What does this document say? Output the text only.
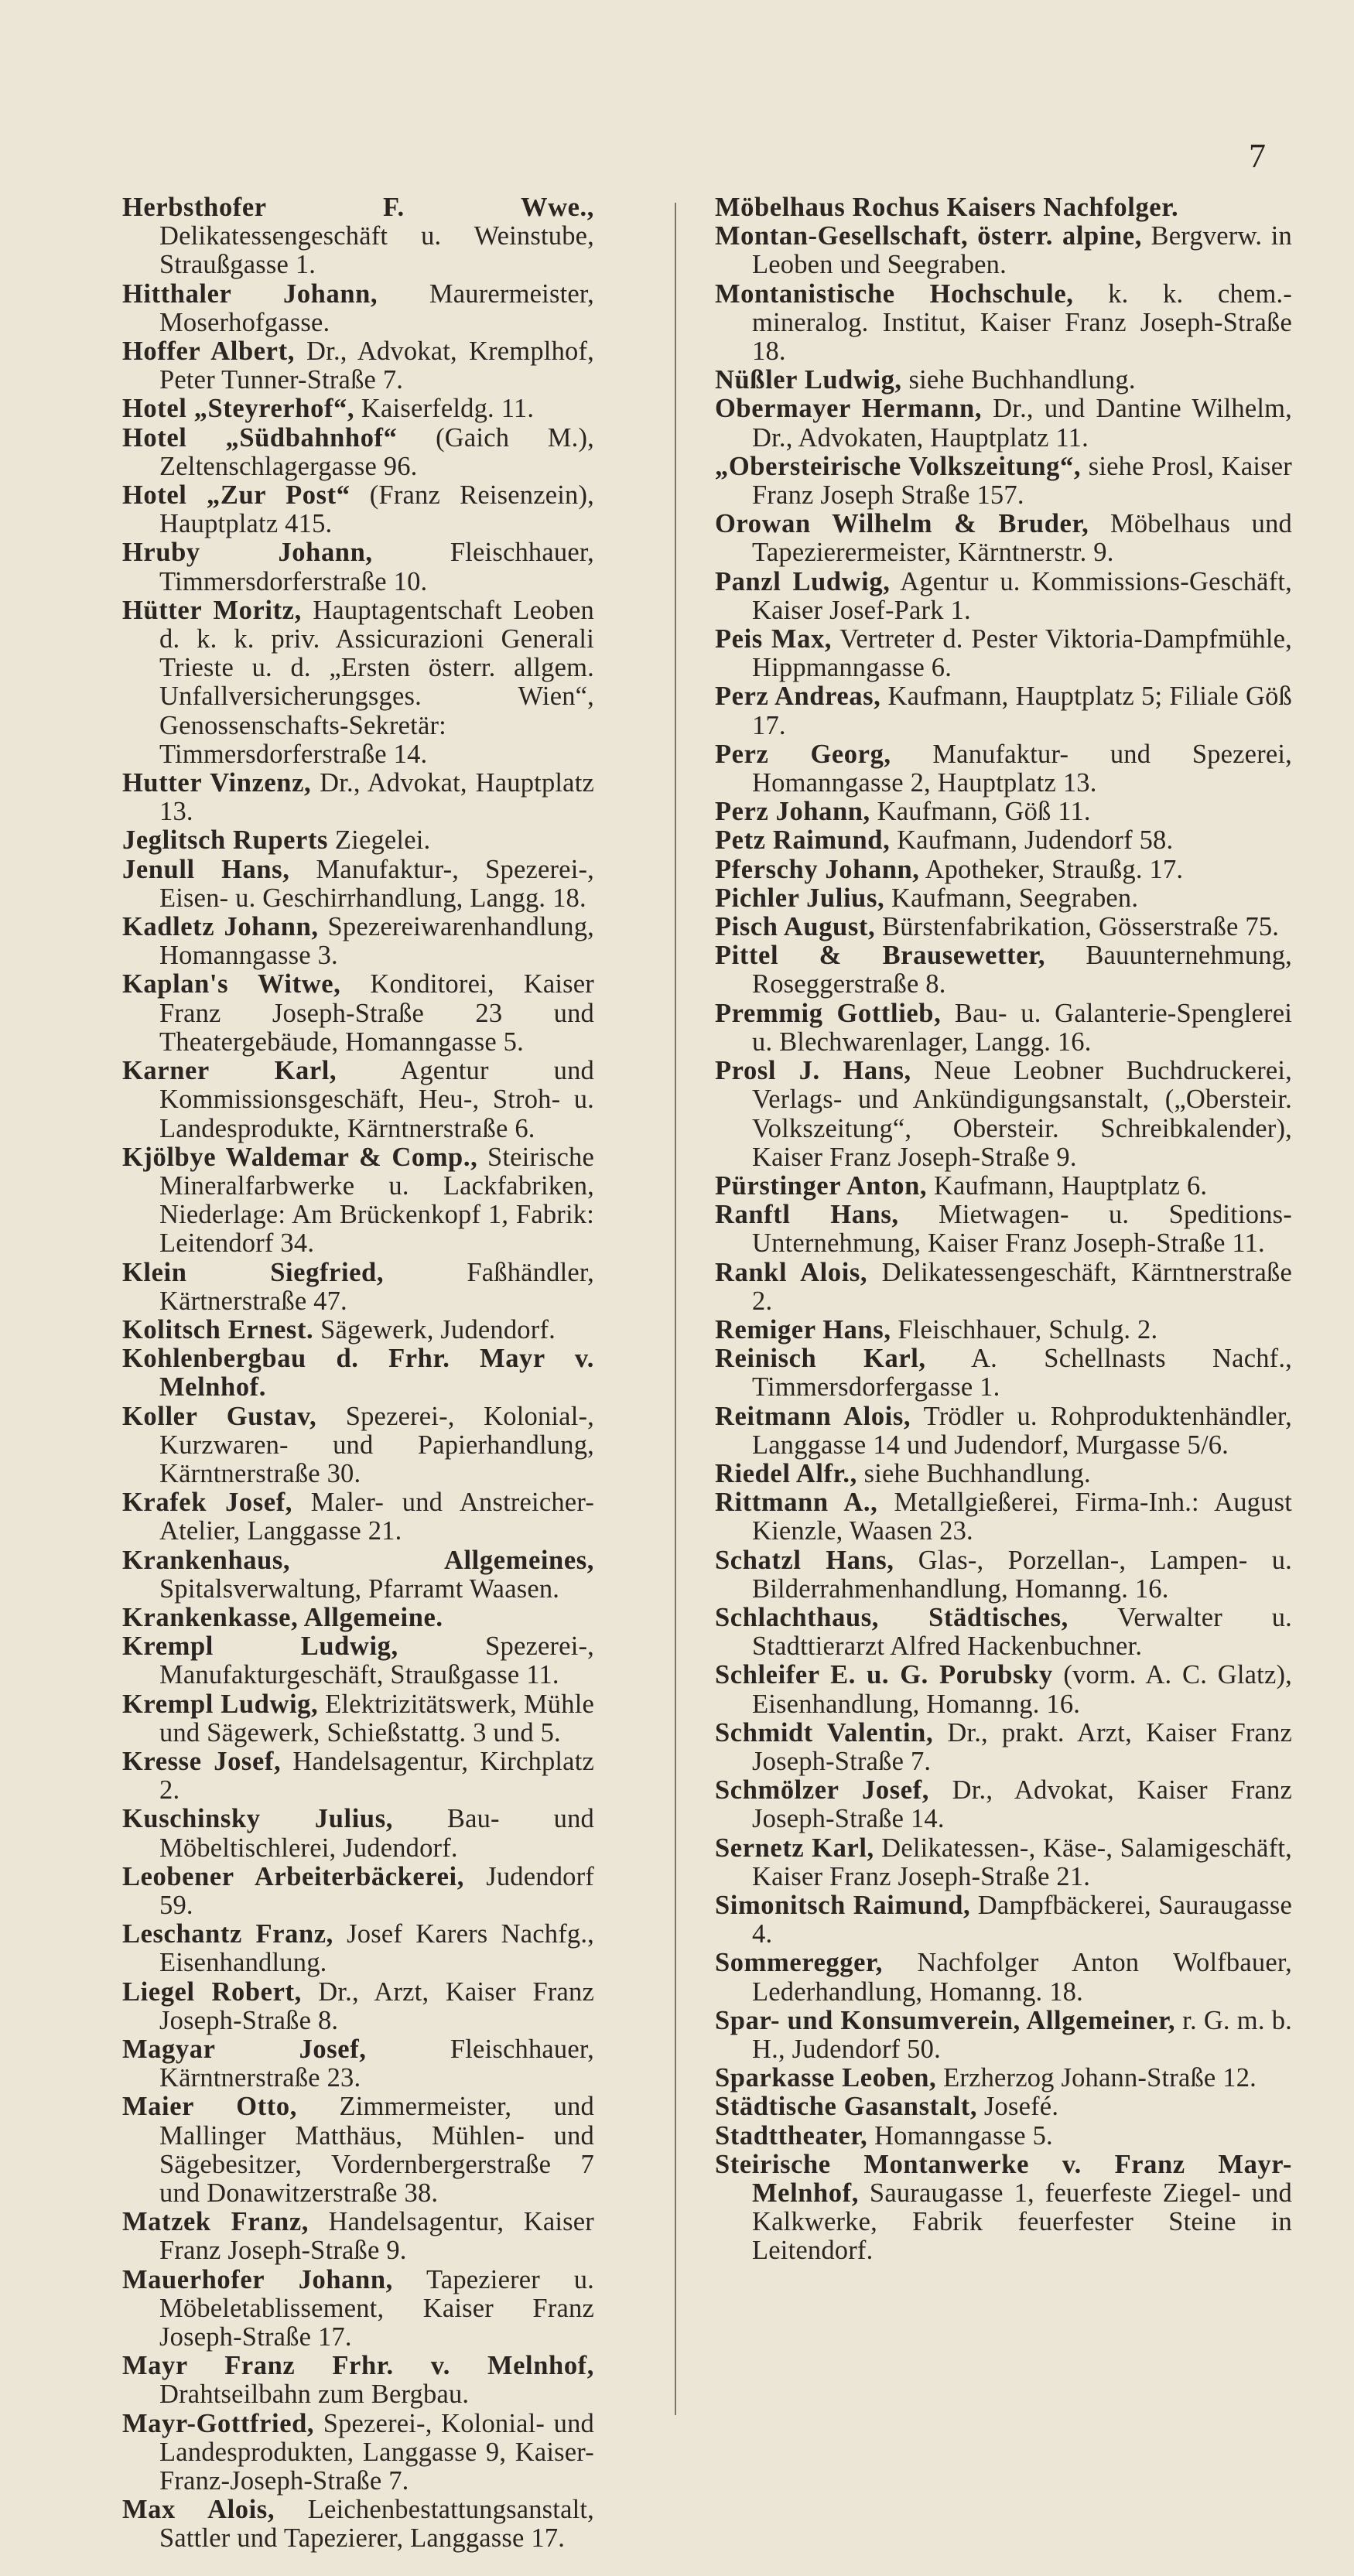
7

Herbsthofer F. Wwe., Delikatessengeschäft u. Weinstube, Straußgasse 1.

Hitthaler Johann, Maurermeister, Moserhofgasse.

Hoffer Albert, Dr., Advokat, Kremplhof, Peter Tunner-Straße 7.

Hotel „Steyrerhof“, Kaiserfeldg. 11.

Hotel „Südbahnhof“ (Gaich M.), Zeltenschlagergasse 96.

Hotel „Zur Post“ (Franz Reisenzein), Hauptplatz 415.

Hruby Johann, Fleischhauer, Timmersdorferstraße 10.

Hütter Moritz, Hauptagentschaft Leoben d. k. k. priv. Assicurazioni Generali Trieste u. d. „Ersten österr. allgem. Unfallversicherungsges. Wien“, Genossenschafts-Sekretär: Timmersdorferstraße 14.

Hutter Vinzenz, Dr., Advokat, Hauptplatz 13.

Jeglitsch Ruperts Ziegelei.

Jenull Hans, Manufaktur-, Spezerei-, Eisen- u. Geschirrhandlung, Langg. 18.

Kadletz Johann, Spezereiwarenhandlung, Homanngasse 3.

Kaplan's Witwe, Konditorei, Kaiser Franz Joseph-Straße 23 und Theatergebäude, Homanngasse 5.

Karner Karl, Agentur und Kommissionsgeschäft, Heu-, Stroh- u. Landesprodukte, Kärntnerstraße 6.

Kjölbye Waldemar & Comp., Steirische Mineralfarbwerke u. Lackfabriken, Niederlage: Am Brückenkopf 1, Fabrik: Leitendorf 34.

Klein Siegfried, Faßhändler, Kärtnerstraße 47.

Kolitsch Ernest. Sägewerk, Judendorf.

Kohlenbergbau d. Frhr. Mayr v. Melnhof.

Koller Gustav, Spezerei-, Kolonial-, Kurzwaren- und Papierhandlung, Kärntnerstraße 30.

Krafek Josef, Maler- und Anstreicher-Atelier, Langgasse 21.

Krankenhaus, Allgemeines, Spitalsverwaltung, Pfarramt Waasen.

Krankenkasse, Allgemeine.

Krempl Ludwig, Spezerei-, Manufakturgeschäft, Straußgasse 11.

Krempl Ludwig, Elektrizitätswerk, Mühle und Sägewerk, Schießstattg. 3 und 5.

Kresse Josef, Handelsagentur, Kirchplatz 2.

Kuschinsky Julius, Bau- und Möbeltischlerei, Judendorf.

Leobener Arbeiterbäckerei, Judendorf 59.

Leschantz Franz, Josef Karers Nachfg., Eisenhandlung.

Liegel Robert, Dr., Arzt, Kaiser Franz Joseph-Straße 8.

Magyar Josef, Fleischhauer, Kärntnerstraße 23.

Maier Otto, Zimmermeister, und Mallinger Matthäus, Mühlen- und Sägebesitzer, Vordernbergerstraße 7 und Donawitzerstraße 38.

Matzek Franz, Handelsagentur, Kaiser Franz Joseph-Straße 9.

Mauerhofer Johann, Tapezierer u. Möbeletablissement, Kaiser Franz Joseph-Straße 17.

Mayr Franz Frhr. v. Melnhof, Drahtseilbahn zum Bergbau.

Mayr-Gottfried, Spezerei-, Kolonial- und Landesprodukten, Langgasse 9, Kaiser-Franz-Joseph-Straße 7.

Max Alois, Leichenbestattungsanstalt, Sattler und Tapezierer, Langgasse 17.

Möbelhaus Rochus Kaisers Nachfolger.

Montan-Gesellschaft, österr. alpine, Bergverw. in Leoben und Seegraben.

Montanistische Hochschule, k. k. chem.-mineralog. Institut, Kaiser Franz Joseph-Straße 18.

Nüßler Ludwig, siehe Buchhandlung.

Obermayer Hermann, Dr., und Dantine Wilhelm, Dr., Advokaten, Hauptplatz 11.

„Obersteirische Volkszeitung“, siehe Prosl, Kaiser Franz Joseph Straße 157.

Orowan Wilhelm & Bruder, Möbelhaus und Tapezierermeister, Kärntnerstr. 9.

Panzl Ludwig, Agentur u. Kommissions-Geschäft, Kaiser Josef-Park 1.

Peis Max, Vertreter d. Pester Viktoria-Dampfmühle, Hippmanngasse 6.

Perz Andreas, Kaufmann, Hauptplatz 5; Filiale Göß 17.

Perz Georg, Manufaktur- und Spezerei, Homanngasse 2, Hauptplatz 13.

Perz Johann, Kaufmann, Göß 11.

Petz Raimund, Kaufmann, Judendorf 58.

Pferschy Johann, Apotheker, Straußg. 17.

Pichler Julius, Kaufmann, Seegraben.

Pisch August, Bürstenfabrikation, Gösserstraße 75.

Pittel & Brausewetter, Bauunternehmung, Roseggerstraße 8.

Premmig Gottlieb, Bau- u. Galanterie-Spenglerei u. Blechwarenlager, Langg. 16.

Prosl J. Hans, Neue Leobner Buchdruckerei, Verlags- und Ankündigungsanstalt, („Obersteir. Volkszeitung“, Obersteir. Schreibkalender), Kaiser Franz Joseph-Straße 9.

Pürstinger Anton, Kaufmann, Hauptplatz 6.

Ranftl Hans, Mietwagen- u. Speditions-Unternehmung, Kaiser Franz Joseph-Straße 11.

Rankl Alois, Delikatessengeschäft, Kärntnerstraße 2.

Remiger Hans, Fleischhauer, Schulg. 2.

Reinisch Karl, A. Schellnasts Nachf., Timmersdorfergasse 1.

Reitmann Alois, Trödler u. Rohproduktenhändler, Langgasse 14 und Judendorf, Murgasse 5/6.

Riedel Alfr., siehe Buchhandlung.

Rittmann A., Metallgießerei, Firma-Inh.: August Kienzle, Waasen 23.

Schatzl Hans, Glas-, Porzellan-, Lampen- u. Bilderrahmenhandlung, Homanng. 16.

Schlachthaus, Städtisches, Verwalter u. Stadttierarzt Alfred Hackenbuchner.

Schleifer E. u. G. Porubsky (vorm. A. C. Glatz), Eisenhandlung, Homanng. 16.

Schmidt Valentin, Dr., prakt. Arzt, Kaiser Franz Joseph-Straße 7.

Schmölzer Josef, Dr., Advokat, Kaiser Franz Joseph-Straße 14.

Sernetz Karl, Delikatessen-, Käse-, Salamigeschäft, Kaiser Franz Joseph-Straße 21.

Simonitsch Raimund, Dampfbäckerei, Sauraugasse 4.

Sommeregger, Nachfolger Anton Wolfbauer, Lederhandlung, Homanng. 18.

Spar- und Konsumverein, Allgemeiner, r. G. m. b. H., Judendorf 50.

Sparkasse Leoben, Erzherzog Johann-Straße 12.

Städtische Gasanstalt, Josefé.

Stadttheater, Homanngasse 5.

Steirische Montanwerke v. Franz Mayr-Melnhof, Sauraugasse 1, feuerfeste Ziegel- und Kalkwerke, Fabrik feuerfester Steine in Leitendorf.
